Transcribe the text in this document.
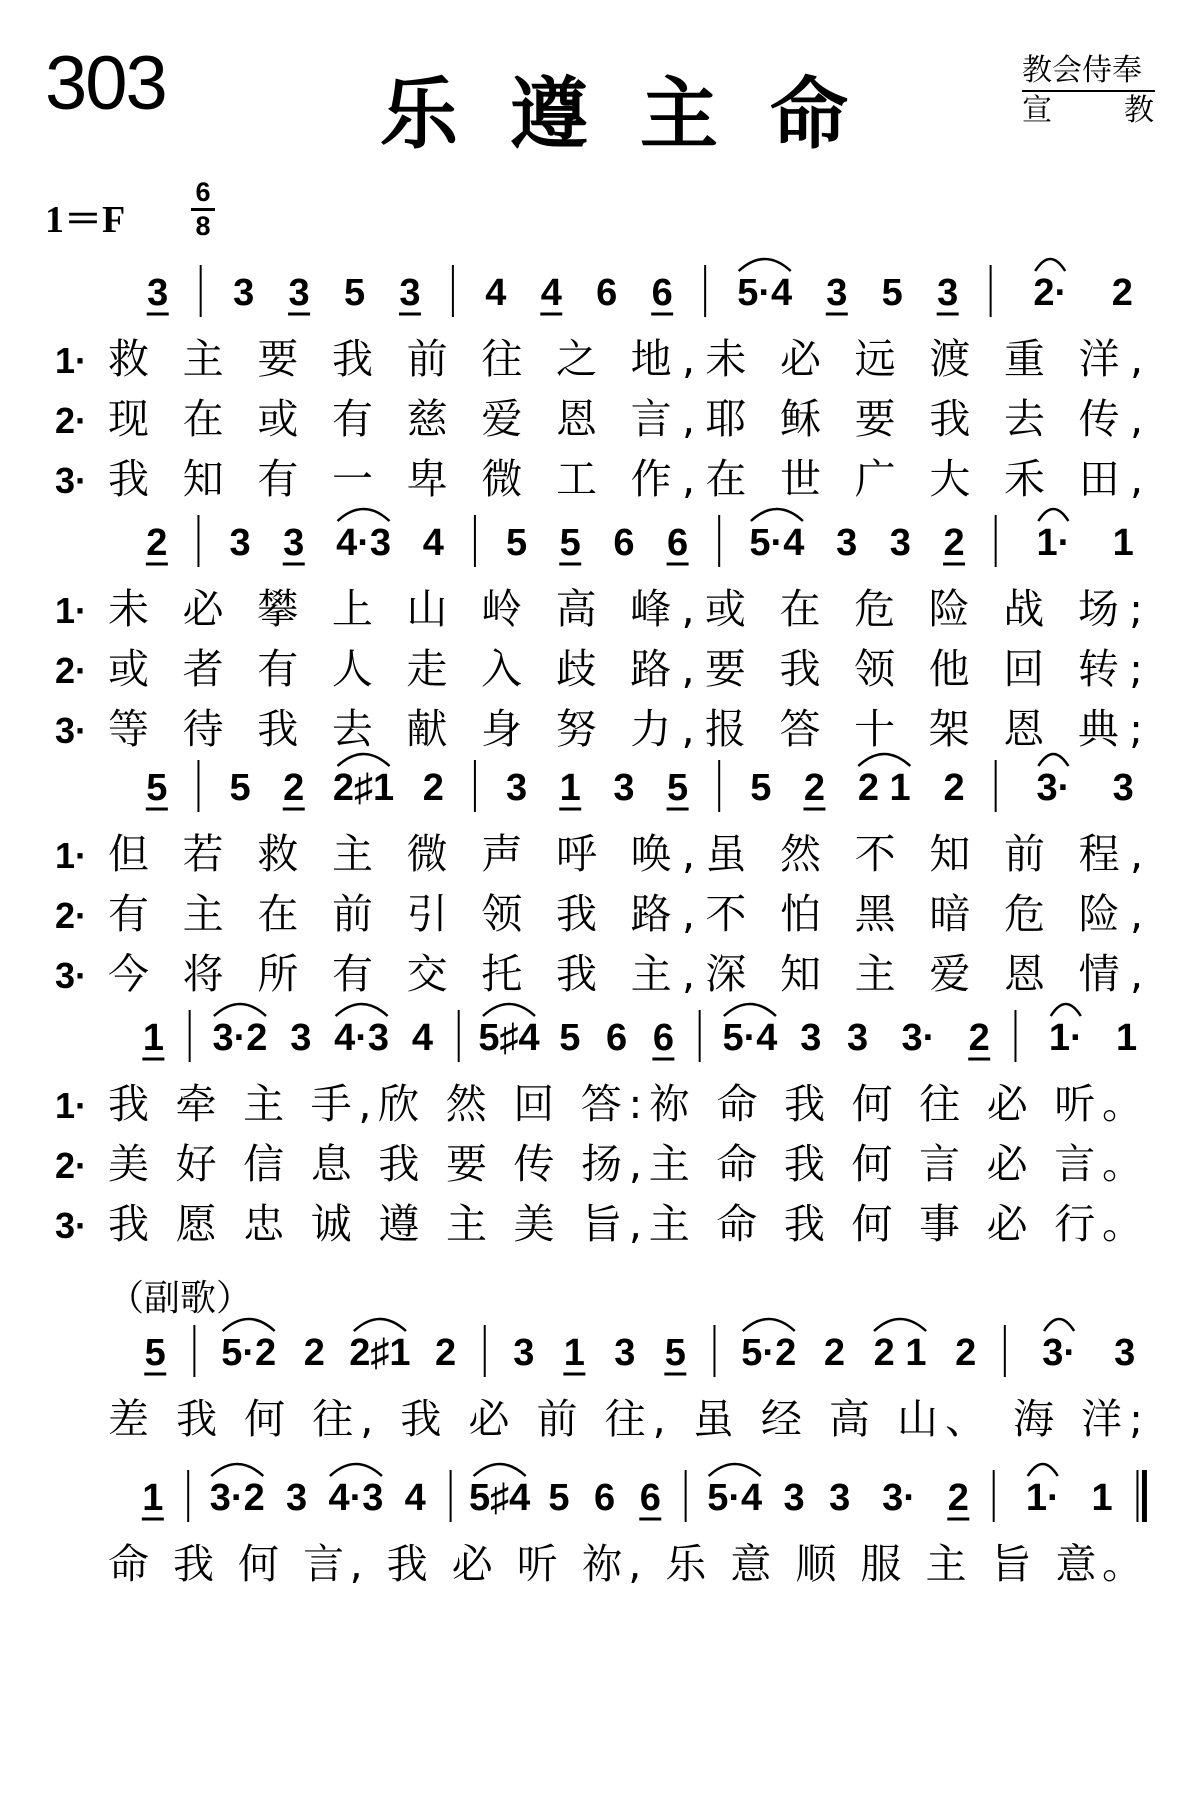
303	乐遵主命	教会侍奉
宣 教
1＝F
6
8
（副歌）
3 3 3 5 3 4 4 6 6 5·4 3 5 3 2· 2
1· 救 主 要 我 前 往 之 地,未 必 远 渡 重 洋,
2· 现 在 或 有 慈 爱 恩 言,耶 稣 要 我 去 传,
3· 我 知 有 一 卑 微 工 作,在 世 广 大 禾 田,
2 3 3 4·3 4 5 5 6 6 5·4 3 3 2 1· 1
1· 未 必 攀 上 山 岭 高 峰,或 在 危 险 战 场;
2· 或 者 有 人 走 入 歧 路,要 我 领 他 回 转;
3· 等 待 我 去 献 身 努 力,报 答 十 架 恩 典;
5 5 2 2♯1 2 3 1 3 5 5 2 2 1 2 3· 3
1· 但 若 救 主 微 声 呼 唤,虽 然 不 知 前 程,
2· 有 主 在 前 引 领 我 路,不 怕 黑 暗 危 险,
3· 今 将 所 有 交 托 我 主,深 知 主 爱 恩 情,
1 3·2 3 4·3 4 5♯4 5 6 6 5·4 3 3 3· 2 1· 1
1· 我 牵 主 手,欣 然 回 答:祢 命 我 何 往 必 听。
2· 美 好 信 息 我 要 传 扬,主 命 我 何 言 必 言。
3· 我 愿 忠 诚 遵 主 美 旨,主 命 我 何 事 必 行。
5 5·2 2 2♯1 2 3 1 3 5 5·2 2 2 1 2 3· 3
差 我 何 往, 我 必 前 往, 虽 经 高 山、 海 洋;
1 3·2 3 4·3 4 5♯4 5 6 6 5·4 3 3 3· 2 1· 1
命 我 何 言, 我 必 听 祢, 乐 意 顺 服 主 旨 意。
